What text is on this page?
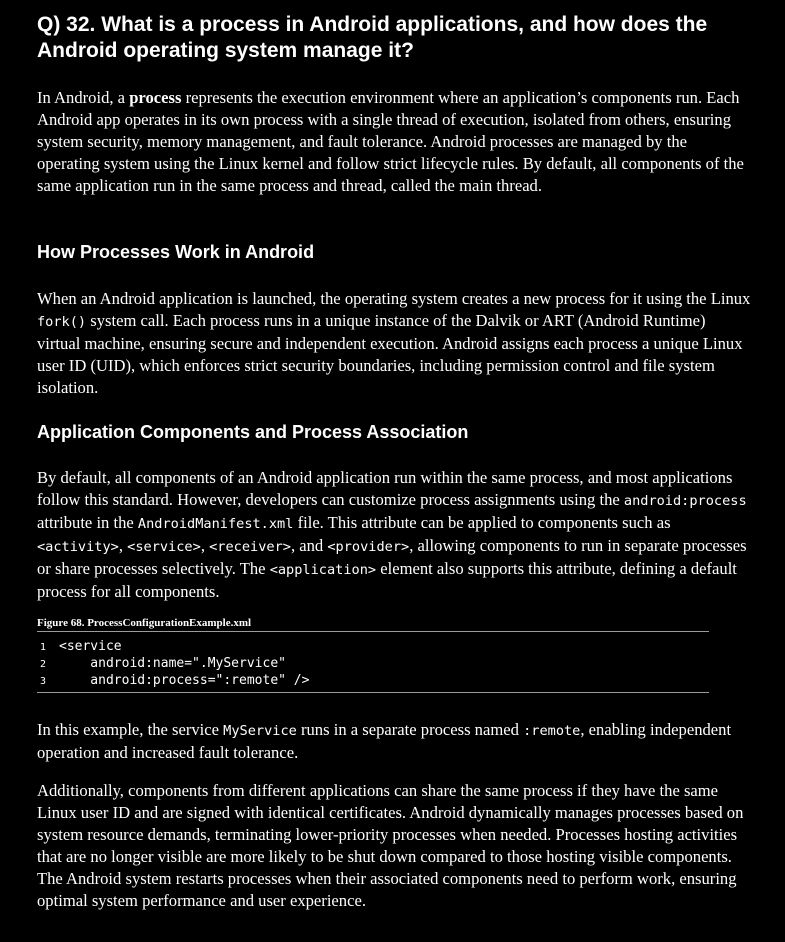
Q) 32. What is a process in Android applications, and how does the Android operating system manage it?

In Android, a process represents the execution environment where an application’s components run. Each Android app operates in its own process with a single thread of execution, isolated from others, ensuring system security, memory management, and fault tolerance. Android processes are managed by the operating system using the Linux kernel and follow strict lifecycle rules. By default, all components of the same application run in the same process and thread, called the main thread.

How Processes Work in Android

When an Android application is launched, the operating system creates a new process for it using the Linux fork() system call. Each process runs in a unique instance of the Dalvik or ART (Android Runtime) virtual machine, ensuring secure and independent execution. Android assigns each process a unique Linux user ID (UID), which enforces strict security boundaries, including permission control and file system isolation.

Application Components and Process Association

By default, all components of an Android application run within the same process, and most applications follow this standard. However, developers can customize process assignments using the android:process attribute in the AndroidManifest.xml file. This attribute can be applied to components such as <activity>, <service>, <receiver>, and <provider>, allowing components to run in separate processes or share processes selectively. The <application> element also supports this attribute, defining a default process for all components.

Figure 68. ProcessConfigurationExample.xml
1 <service
2    android:name=".MyService"
3    android:process=":remote" />

In this example, the service MyService runs in a separate process named :remote, enabling independent operation and increased fault tolerance.

Additionally, components from different applications can share the same process if they have the same Linux user ID and are signed with identical certificates. Android dynamically manages processes based on system resource demands, terminating lower-priority processes when needed. Processes hosting activities that are no longer visible are more likely to be shut down compared to those hosting visible components. The Android system restarts processes when their associated components need to perform work, ensuring optimal system performance and user experience.
